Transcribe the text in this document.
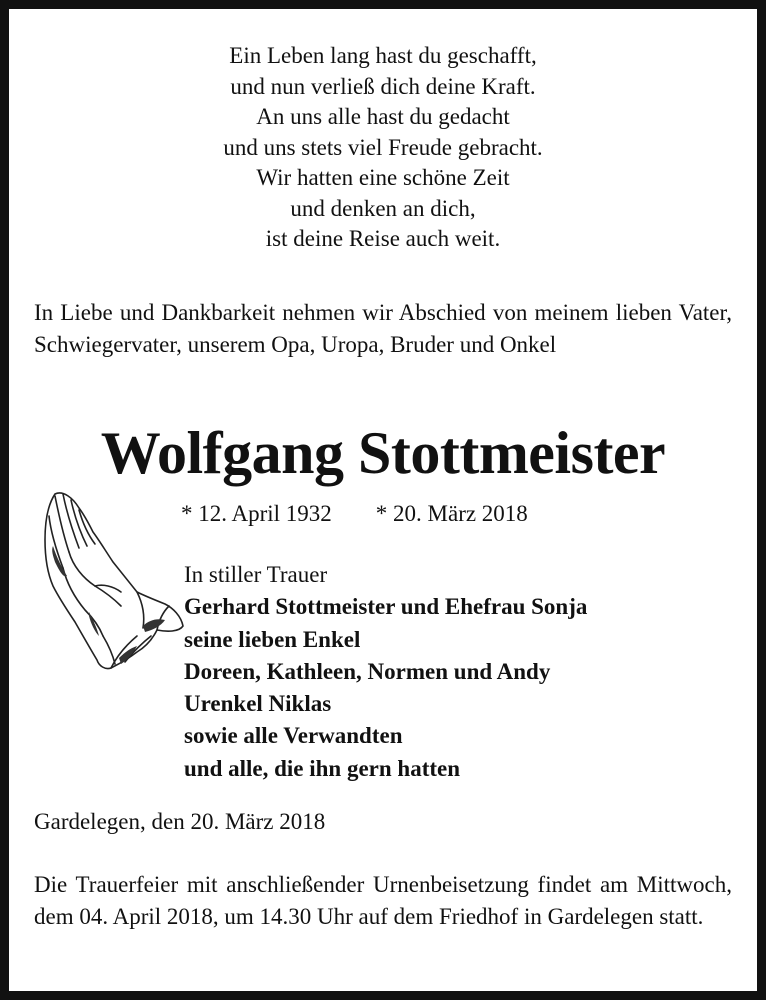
Ein Leben lang hast du geschafft,
und nun verließ dich deine Kraft.
An uns alle hast du gedacht
und uns stets viel Freude gebracht.
Wir hatten eine schöne Zeit
und denken an dich,
ist deine Reise auch weit.
In Liebe und Dankbarkeit nehmen wir Abschied von meinem lieben Vater, Schwiegervater, unserem Opa, Uropa, Bruder und Onkel
Wolfgang Stottmeister
* 12. April 1932 * 20. März 2018
In stiller Trauer
Gerhard Stottmeister und Ehefrau Sonja
seine lieben Enkel
Doreen, Kathleen, Normen und Andy
Urenkel Niklas
sowie alle Verwandten
und alle, die ihn gern hatten
Gardelegen, den 20. März 2018
Die Trauerfeier mit anschließender Urnenbeisetzung findet am Mittwoch, dem 04. April 2018, um 14.30 Uhr auf dem Friedhof in Gardelegen statt.
